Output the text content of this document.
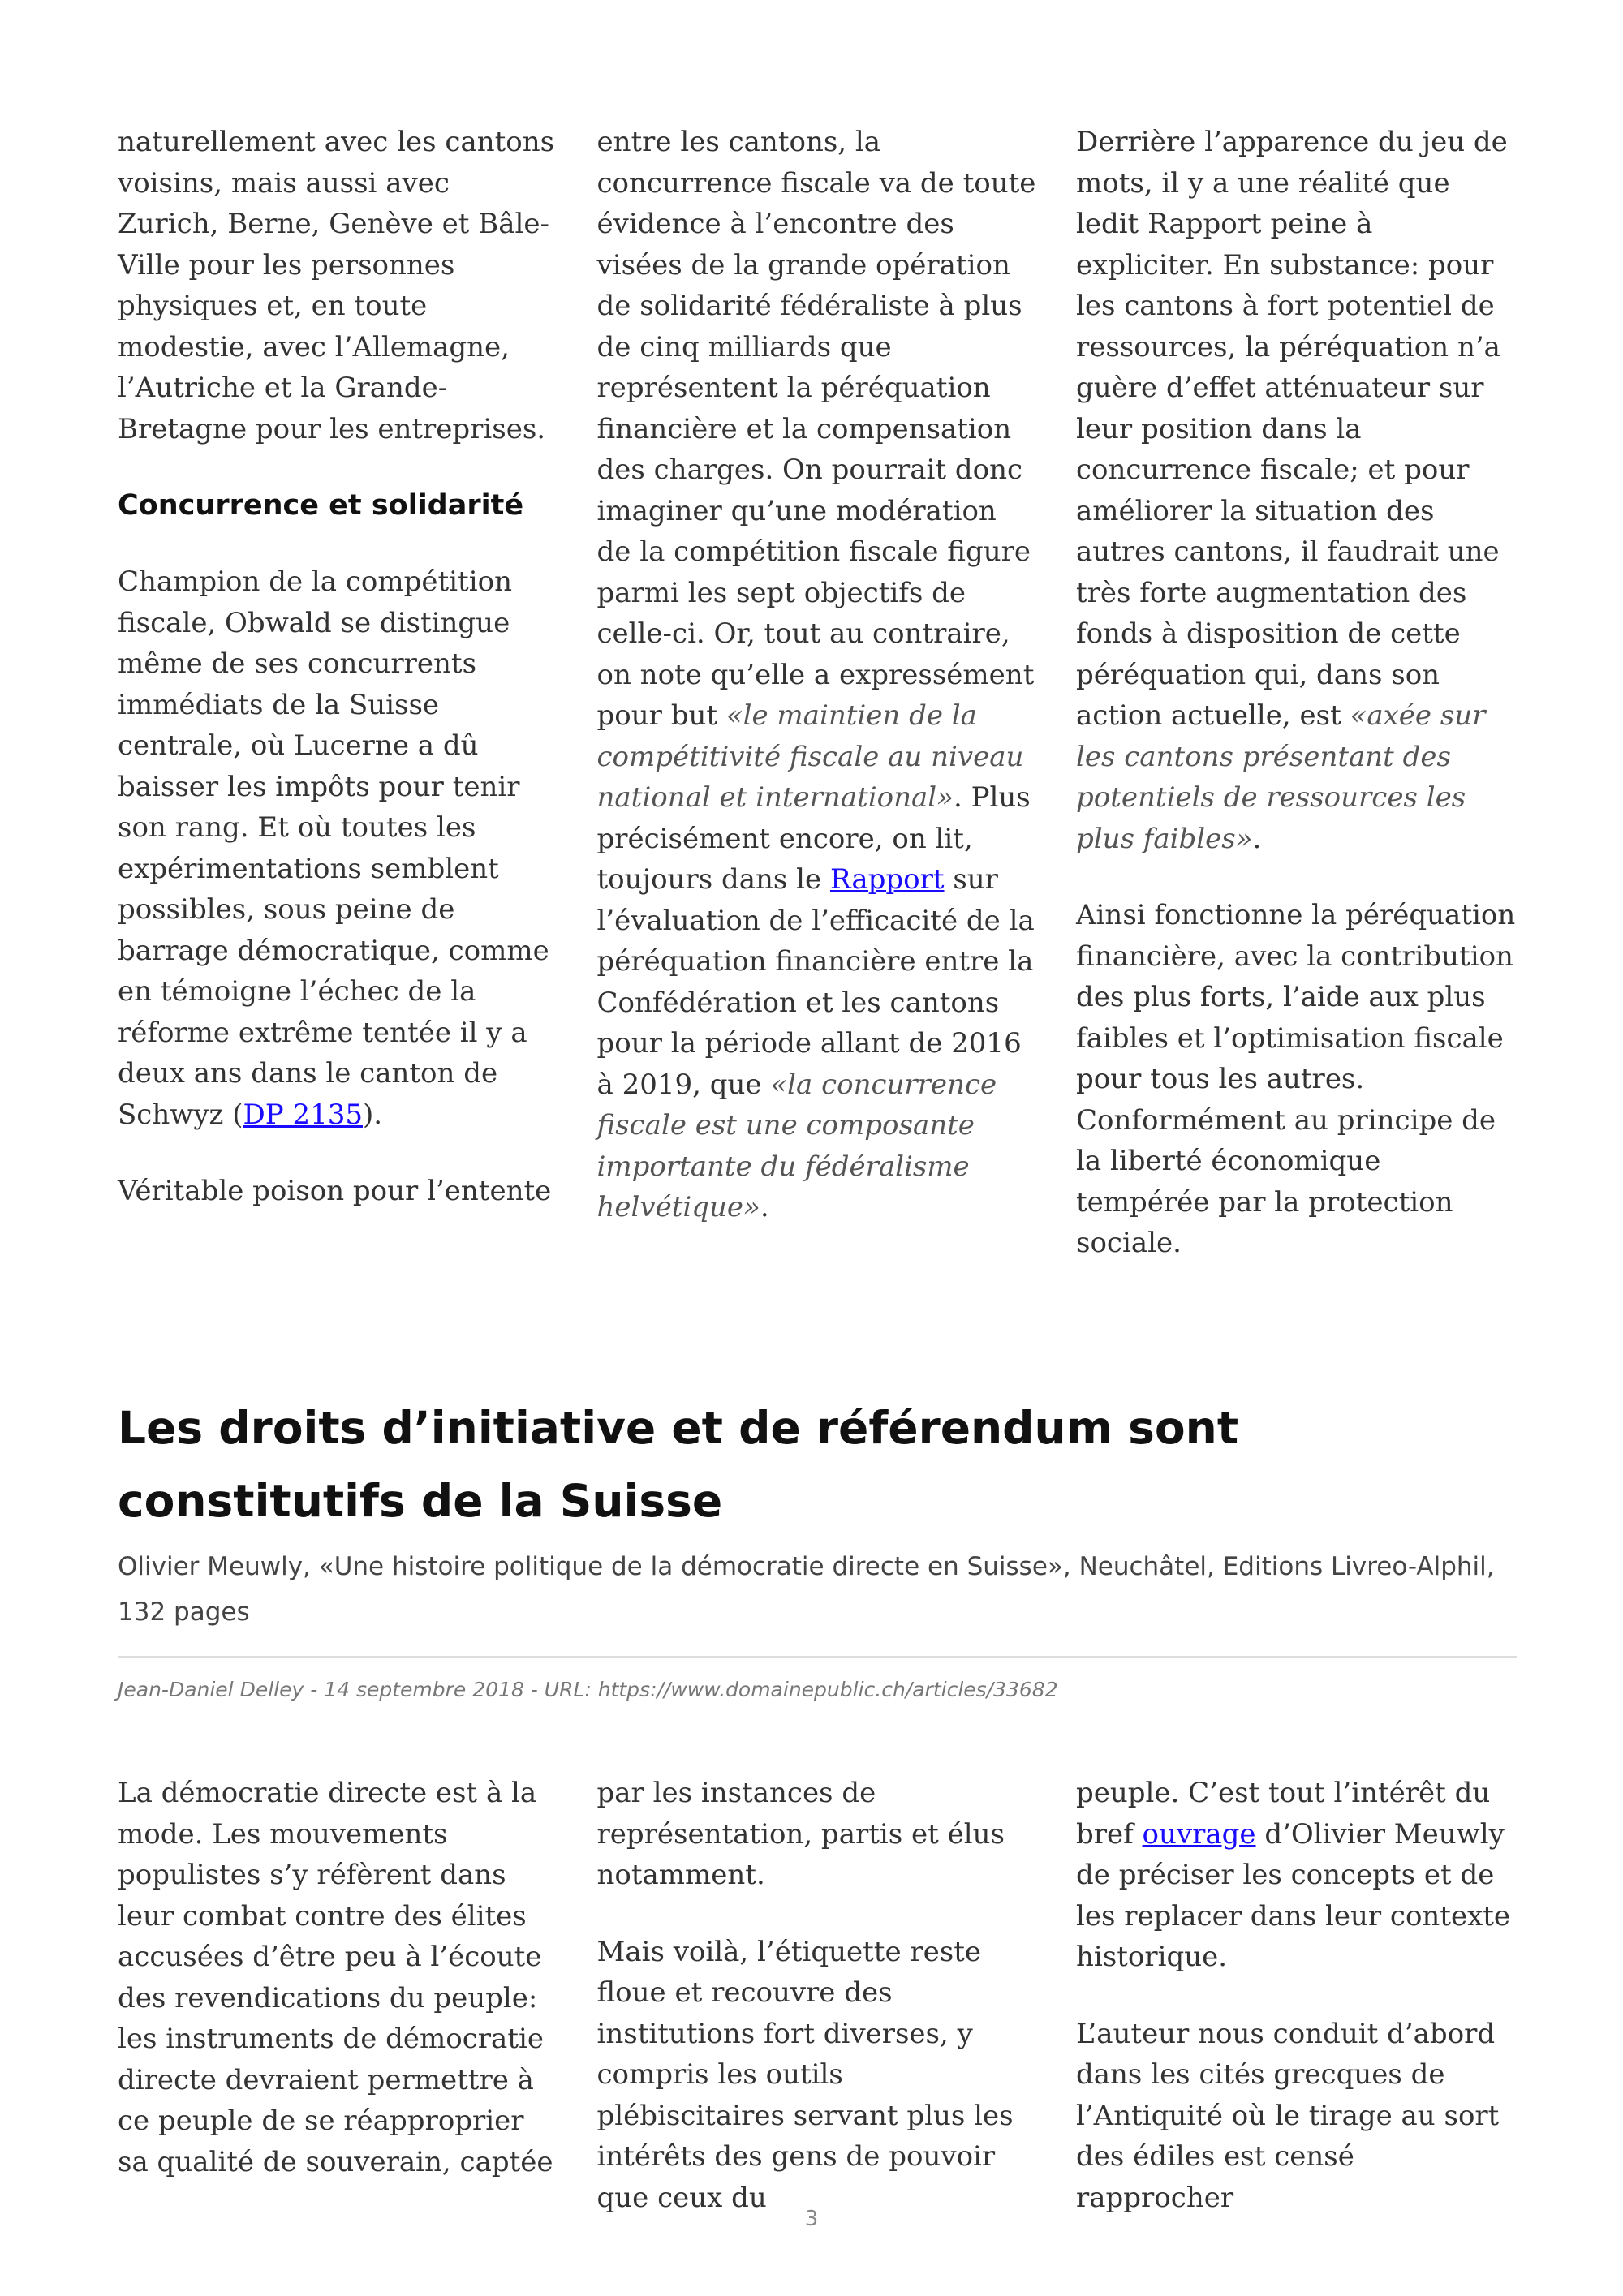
naturellement avec les cantons voisins, mais aussi avec Zurich, Berne, Genève et Bâle-Ville pour les personnes physiques et, en toute modestie, avec l’Allemagne, l’Autriche et la Grande-Bretagne pour les entreprises.

Concurrence et solidarité

Champion de la compétition fiscale, Obwald se distingue même de ses concurrents immédiats de la Suisse centrale, où Lucerne a dû baisser les impôts pour tenir son rang. Et où toutes les expérimentations semblent possibles, sous peine de barrage démocratique, comme en témoigne l’échec de la réforme extrême tentée il y a deux ans dans le canton de Schwyz (DP 2135).

Véritable poison pour l’entente

entre les cantons, la concurrence fiscale va de toute évidence à l’encontre des visées de la grande opération de solidarité fédéraliste à plus de cinq milliards que représentent la péréquation financière et la compensation des charges. On pourrait donc imaginer qu’une modération de la compétition fiscale figure parmi les sept objectifs de celle-ci. Or, tout au contraire, on note qu’elle a expressément pour but «le maintien de la compétitivité fiscale au niveau national et international». Plus précisément encore, on lit, toujours dans le Rapport sur l’évaluation de l’efficacité de la péréquation financière entre la Confédération et les cantons pour la période allant de 2016 à 2019, que «la concurrence fiscale est une composante importante du fédéralisme helvétique».

Derrière l’apparence du jeu de mots, il y a une réalité que ledit Rapport peine à expliciter. En substance: pour les cantons à fort potentiel de ressources, la péréquation n’a guère d’effet atténuateur sur leur position dans la concurrence fiscale; et pour améliorer la situation des autres cantons, il faudrait une très forte augmentation des fonds à disposition de cette péréquation qui, dans son action actuelle, est «axée sur les cantons présentant des potentiels de ressources les plus faibles».

Ainsi fonctionne la péréquation financière, avec la contribution des plus forts, l’aide aux plus faibles et l’optimisation fiscale pour tous les autres. Conformément au principe de la liberté économique tempérée par la protection sociale.

Les droits d’initiative et de référendum sont constitutifs de la Suisse
Olivier Meuwly, «Une histoire politique de la démocratie directe en Suisse», Neuchâtel, Editions Livreo-Alphil, 132 pages
Jean-Daniel Delley - 14 septembre 2018 - URL: https://www.domainepublic.ch/articles/33682

La démocratie directe est à la mode. Les mouvements populistes s’y réfèrent dans leur combat contre des élites accusées d’être peu à l’écoute des revendications du peuple: les instruments de démocratie directe devraient permettre à ce peuple de se réapproprier sa qualité de souverain, captée

par les instances de représentation, partis et élus notamment.

Mais voilà, l’étiquette reste floue et recouvre des institutions fort diverses, y compris les outils plébiscitaires servant plus les intérêts des gens de pouvoir que ceux du

peuple. C’est tout l’intérêt du bref ouvrage d’Olivier Meuwly de préciser les concepts et de les replacer dans leur contexte historique.

L’auteur nous conduit d’abord dans les cités grecques de l’Antiquité où le tirage au sort des édiles est censé rapprocher

3
